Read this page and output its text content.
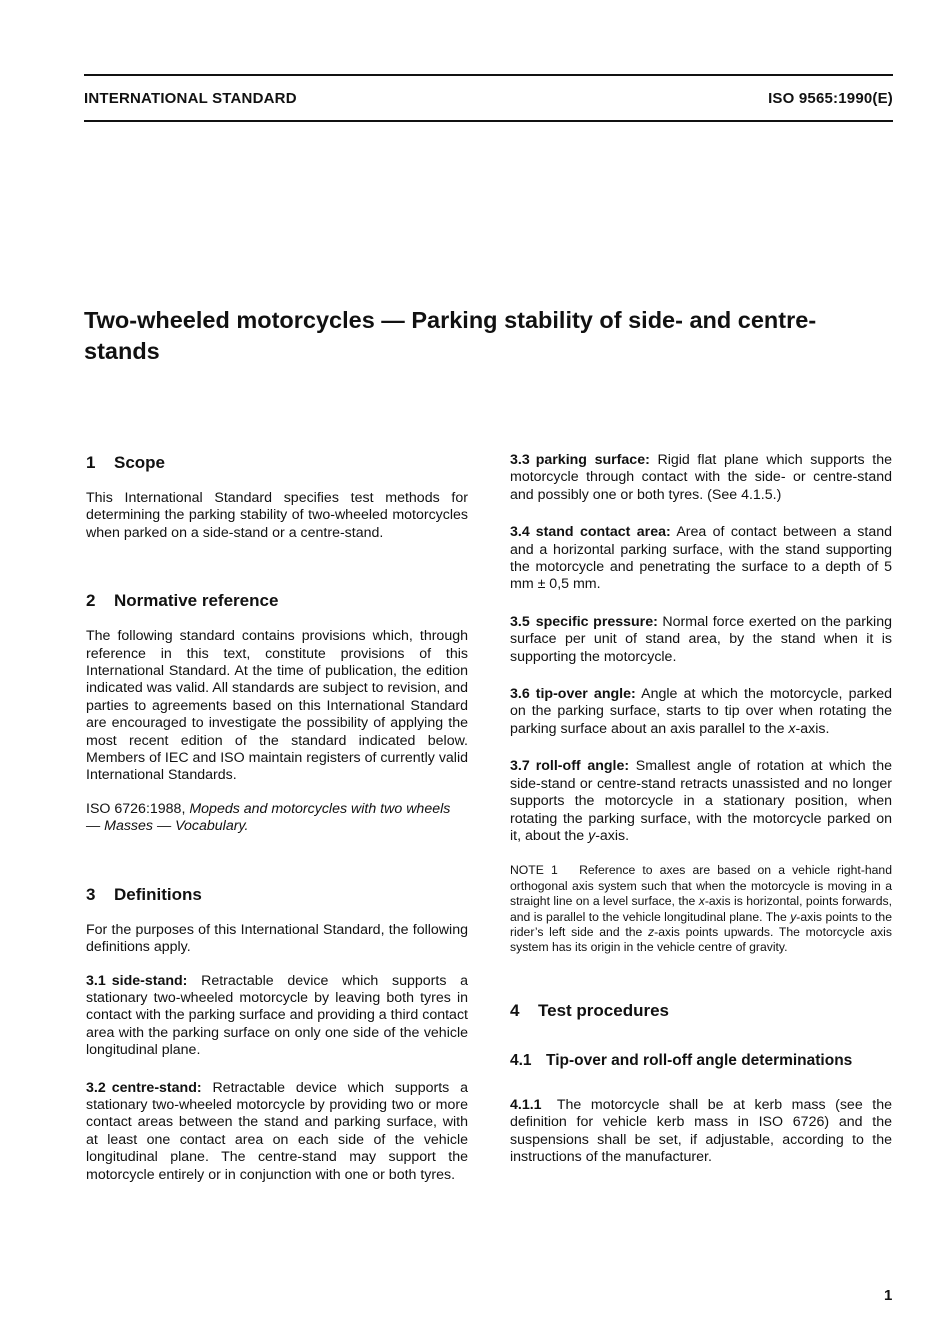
INTERNATIONAL STANDARD	ISO 9565:1990(E)
Two-wheeled motorcycles — Parking stability of side- and centre-stands
1 Scope

This International Standard specifies test methods for determining the parking stability of two-wheeled motorcycles when parked on a side-stand or a centre-stand.

2 Normative reference

The following standard contains provisions which, through reference in this text, constitute provisions of this International Standard. At the time of publication, the edition indicated was valid. All standards are subject to revision, and parties to agreements based on this International Standard are encouraged to investigate the possibility of applying the most recent edition of the standard indicated below. Members of IEC and ISO maintain registers of currently valid International Standards.

ISO 6726:1988, Mopeds and motorcycles with two wheels — Masses — Vocabulary.

3 Definitions

For the purposes of this International Standard, the following definitions apply.

3.1 side-stand: Retractable device which supports a stationary two-wheeled motorcycle by leaving both tyres in contact with the parking surface and providing a third contact area with the parking surface on only one side of the vehicle longitudinal plane.

3.2 centre-stand: Retractable device which supports a stationary two-wheeled motorcycle by providing two or more contact areas between the stand and parking surface, with at least one contact area on each side of the vehicle longitudinal plane. The centre-stand may support the motorcycle entirely or in conjunction with one or both tyres.

3.3 parking surface: Rigid flat plane which supports the motorcycle through contact with the side- or centre-stand and possibly one or both tyres. (See 4.1.5.)

3.4 stand contact area: Area of contact between a stand and a horizontal parking surface, with the stand supporting the motorcycle and penetrating the surface to a depth of 5 mm ± 0,5 mm.

3.5 specific pressure: Normal force exerted on the parking surface per unit of stand area, by the stand when it is supporting the motorcycle.

3.6 tip-over angle: Angle at which the motorcycle, parked on the parking surface, starts to tip over when rotating the parking surface about an axis parallel to the x-axis.

3.7 roll-off angle: Smallest angle of rotation at which the side-stand or centre-stand retracts unassisted and no longer supports the motorcycle in a stationary position, when rotating the parking surface, with the motorcycle parked on it, about the y-axis.

NOTE 1 Reference to axes are based on a vehicle right-hand orthogonal axis system such that when the motorcycle is moving in a straight line on a level surface, the x-axis is horizontal, points forwards, and is parallel to the vehicle longitudinal plane. The y-axis points to the rider’s left side and the z-axis points upwards. The motorcycle axis system has its origin in the vehicle centre of gravity.

4 Test procedures
4.1 Tip-over and roll-off angle determinations

4.1.1 The motorcycle shall be at kerb mass (see the definition for vehicle kerb mass in ISO 6726) and the suspensions shall be set, if adjustable, according to the instructions of the manufacturer.

1
